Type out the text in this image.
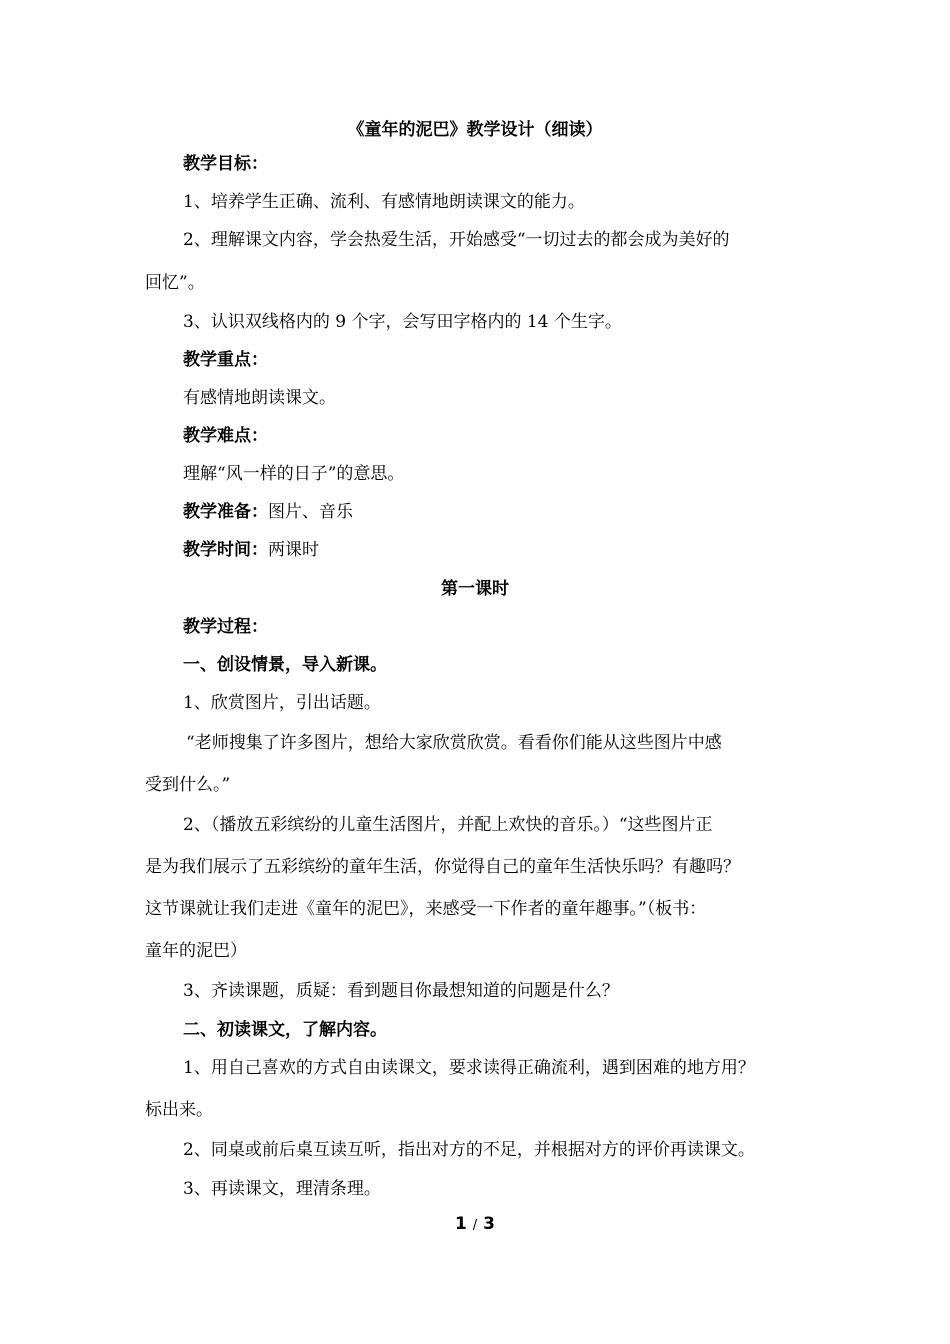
《童年的泥巴》教学设计（细读）
教学目标：
1、培养学生正确、流利、有感情地朗读课文的能力。
2、理解课文内容，学会热爱生活，开始感受“一切过去的都会成为美好的
回忆”。
3、认识双线格内的 9 个字，会写田字格内的 14 个生字。
教学重点：
有感情地朗读课文。
教学难点：
理解“风一样的日子”的意思。
教学准备：图片、音乐
教学时间：两课时
第一课时
教学过程：
一、创设情景，导入新课。
1、欣赏图片，引出话题。
“老师搜集了许多图片，想给大家欣赏欣赏。看看你们能从这些图片中感
受到什么。”
2、（播放五彩缤纷的儿童生活图片，并配上欢快的音乐。）“这些图片正
是为我们展示了五彩缤纷的童年生活，你觉得自己的童年生活快乐吗？有趣吗？
这节课就让我们走进《童年的泥巴》，来感受一下作者的童年趣事。”（板书：
童年的泥巴）
3、齐读课题，质疑：看到题目你最想知道的问题是什么？
二、初读课文，了解内容。
1、用自己喜欢的方式自由读课文，要求读得正确流利，遇到困难的地方用？
标出来。
2、同桌或前后桌互读互听，指出对方的不足，并根据对方的评价再读课文。
3、再读课文，理清条理。
1 / 3
